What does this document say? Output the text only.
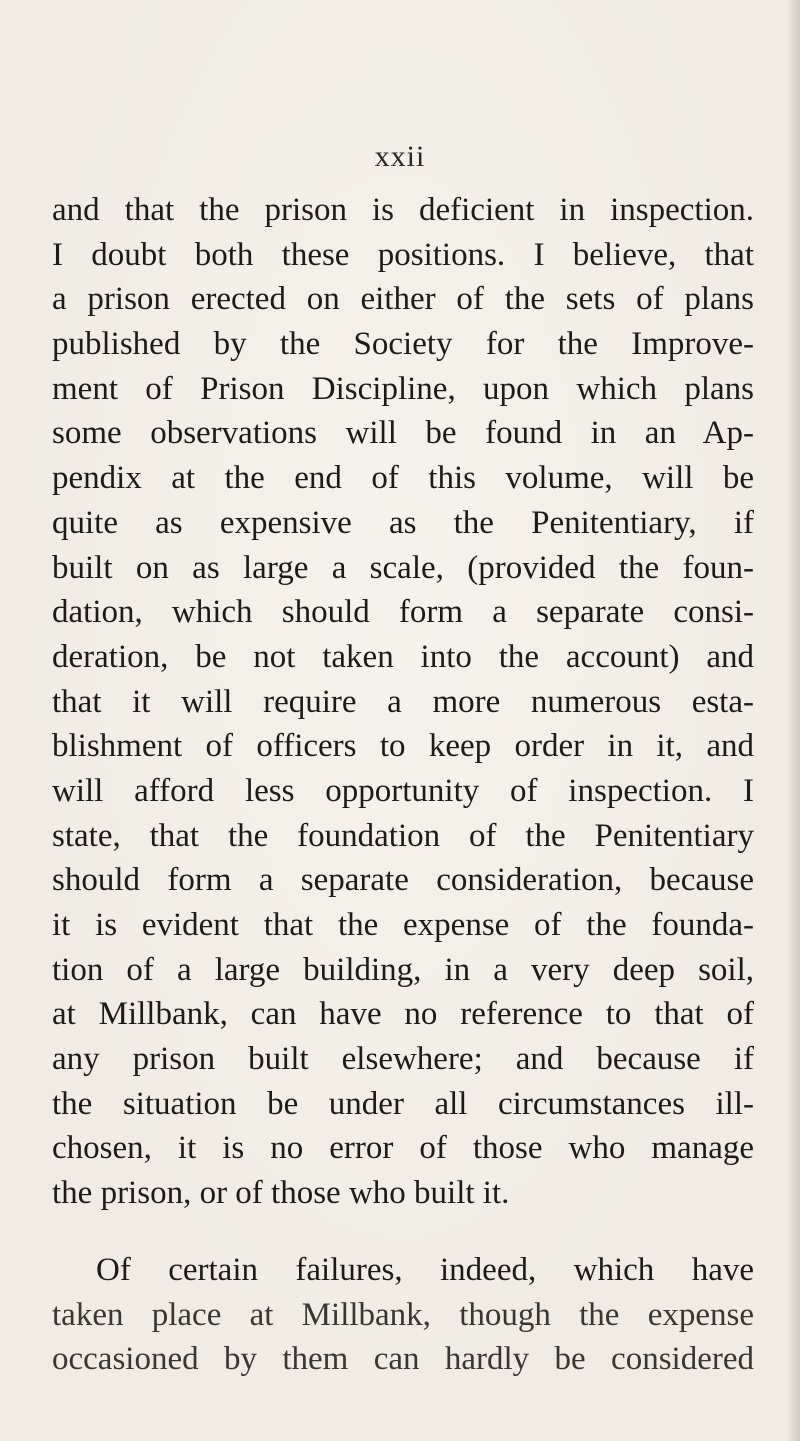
xxii
and that the prison is deficient in inspection.
I doubt both these positions. I believe, that
a prison erected on either of the sets of plans
published by the Society for the Improve-
ment of Prison Discipline, upon which plans
some observations will be found in an Ap-
pendix at the end of this volume, will be
quite as expensive as the Penitentiary, if
built on as large a scale, (provided the foun-
dation, which should form a separate consi-
deration, be not taken into the account) and
that it will require a more numerous esta-
blishment of officers to keep order in it, and
will afford less opportunity of inspection. I
state, that the foundation of the Penitentiary
should form a separate consideration, because
it is evident that the expense of the founda-
tion of a large building, in a very deep soil,
at Millbank, can have no reference to that of
any prison built elsewhere; and because if
the situation be under all circumstances ill-
chosen, it is no error of those who manage
the prison, or of those who built it.
Of certain failures, indeed, which have
taken place at Millbank, though the expense
occasioned by them can hardly be considered
